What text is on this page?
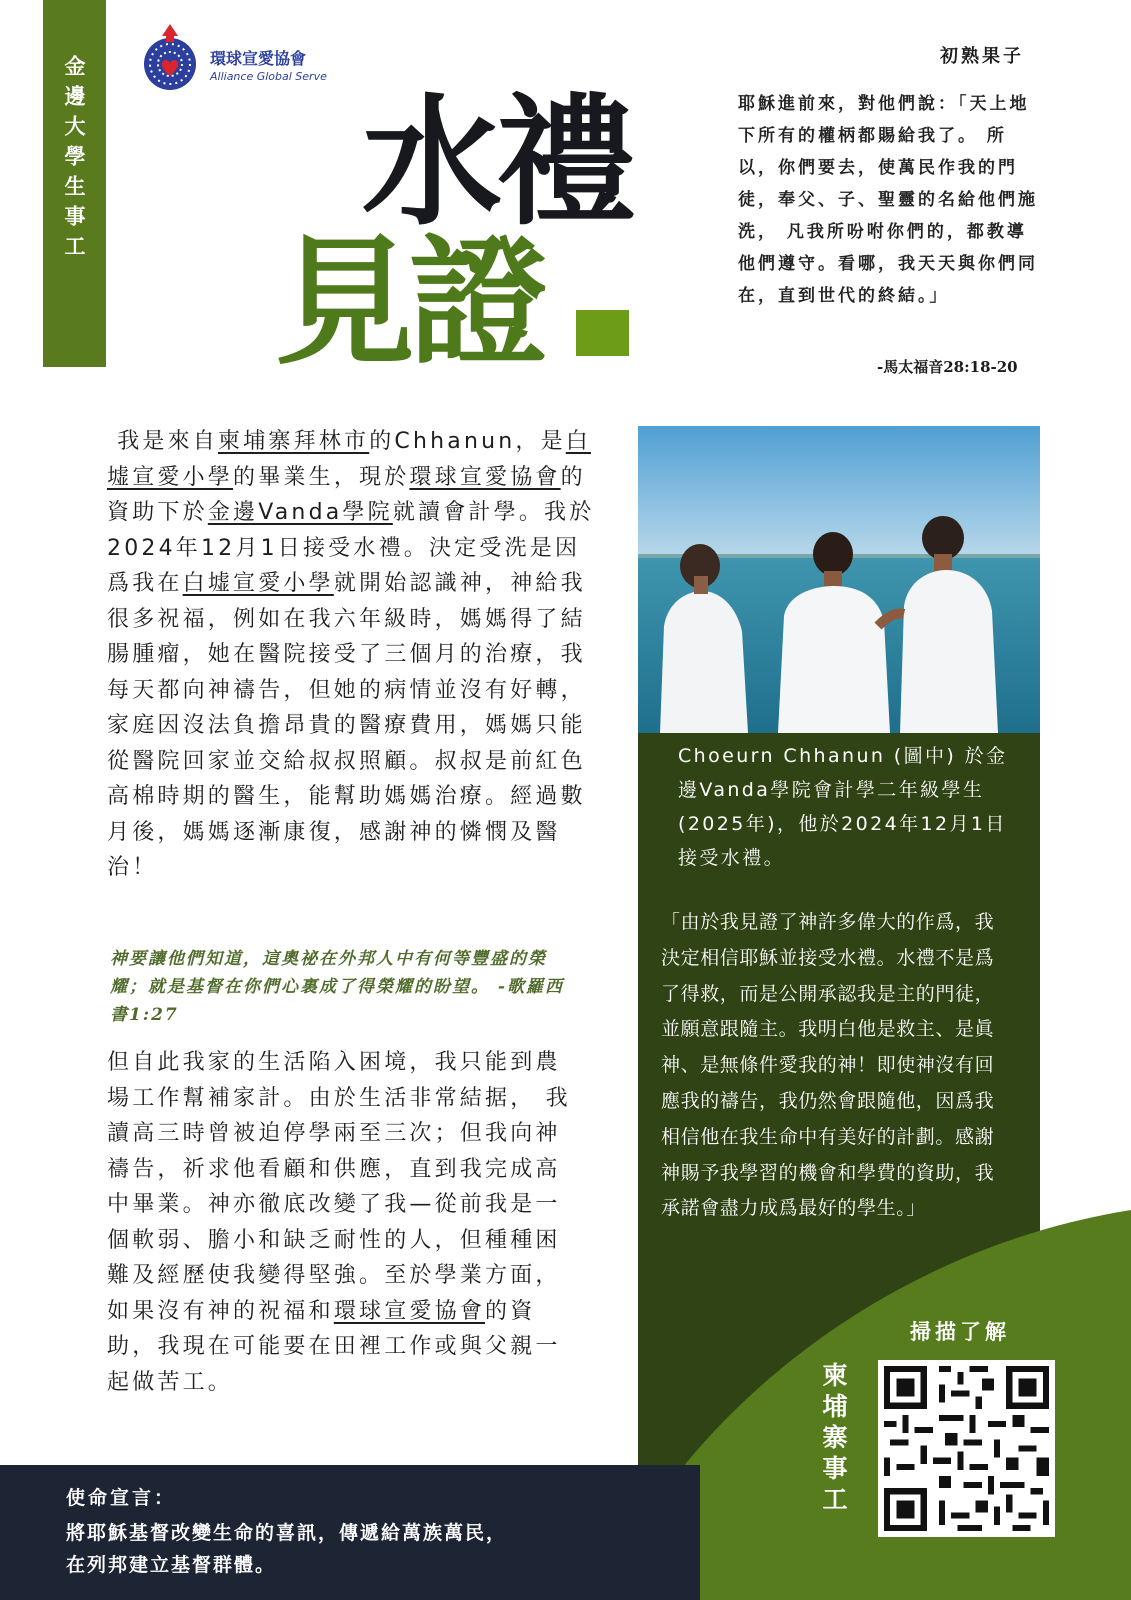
金邊大學生事工	環球宣愛協會
Alliance Global Serve
水禮
見證
初熟果子
耶穌進前來，對他們說：「天上地下所有的權柄都賜給我了。 所以，你們要去，使萬民作我的門徒，奉父、子、聖靈的名給他們施洗， 凡我所吩咐你們的，都教導他們遵守。看哪，我天天與你們同在，直到世代的終結。」
-馬太福音28:18-20
我是來自柬埔寨拜林市的Chhanun，是白墟宣愛小學的畢業生，現於環球宣愛協會的資助下於金邊Vanda學院就讀會計學。我於2024年12月1日接受水禮。決定受洗是因爲我在白墟宣愛小學就開始認識神，神給我很多祝福，例如在我六年級時，媽媽得了結腸腫瘤，她在醫院接受了三個月的治療，我每天都向神禱告，但她的病情並沒有好轉，家庭因沒法負擔昂貴的醫療費用，媽媽只能從醫院回家並交給叔叔照顧。叔叔是前紅色高棉時期的醫生，能幫助媽媽治療。經過數月後，媽媽逐漸康復，感謝神的憐憫及醫治！
神要讓他們知道，這奧祕在外邦人中有何等豐盛的榮耀；就是基督在你們心裏成了得榮耀的盼望。 -歌羅西書1:27
但自此我家的生活陷入困境，我只能到農場工作幫補家計。由於生活非常結据， 我讀高三時曾被迫停學兩至三次；但我向神禱告，祈求他看顧和供應，直到我完成高中畢業。神亦徹底改變了我—從前我是一個軟弱、膽小和缺乏耐性的人，但種種困難及經歷使我變得堅強。至於學業方面，如果沒有神的祝福和環球宣愛協會的資助，我現在可能要在田裡工作或與父親一起做苦工。
Choeurn Chhanun (圖中) 於金邊Vanda學院會計學二年級學生(2025年)，他於2024年12月1日接受水禮。
「由於我見證了神許多偉大的作爲，我決定相信耶穌並接受水禮。水禮不是爲了得救，而是公開承認我是主的門徒，並願意跟隨主。我明白他是救主、是眞神、是無條件愛我的神！即使神沒有回應我的禱告，我仍然會跟隨他，因爲我相信他在我生命中有美好的計劃。感謝神賜予我學習的機會和學費的資助，我承諾會盡力成爲最好的學生。」
掃描了解
柬埔寨事工
使命宣言：
將耶穌基督改變生命的喜訊，傳遞給萬族萬民，
在列邦建立基督群體。
